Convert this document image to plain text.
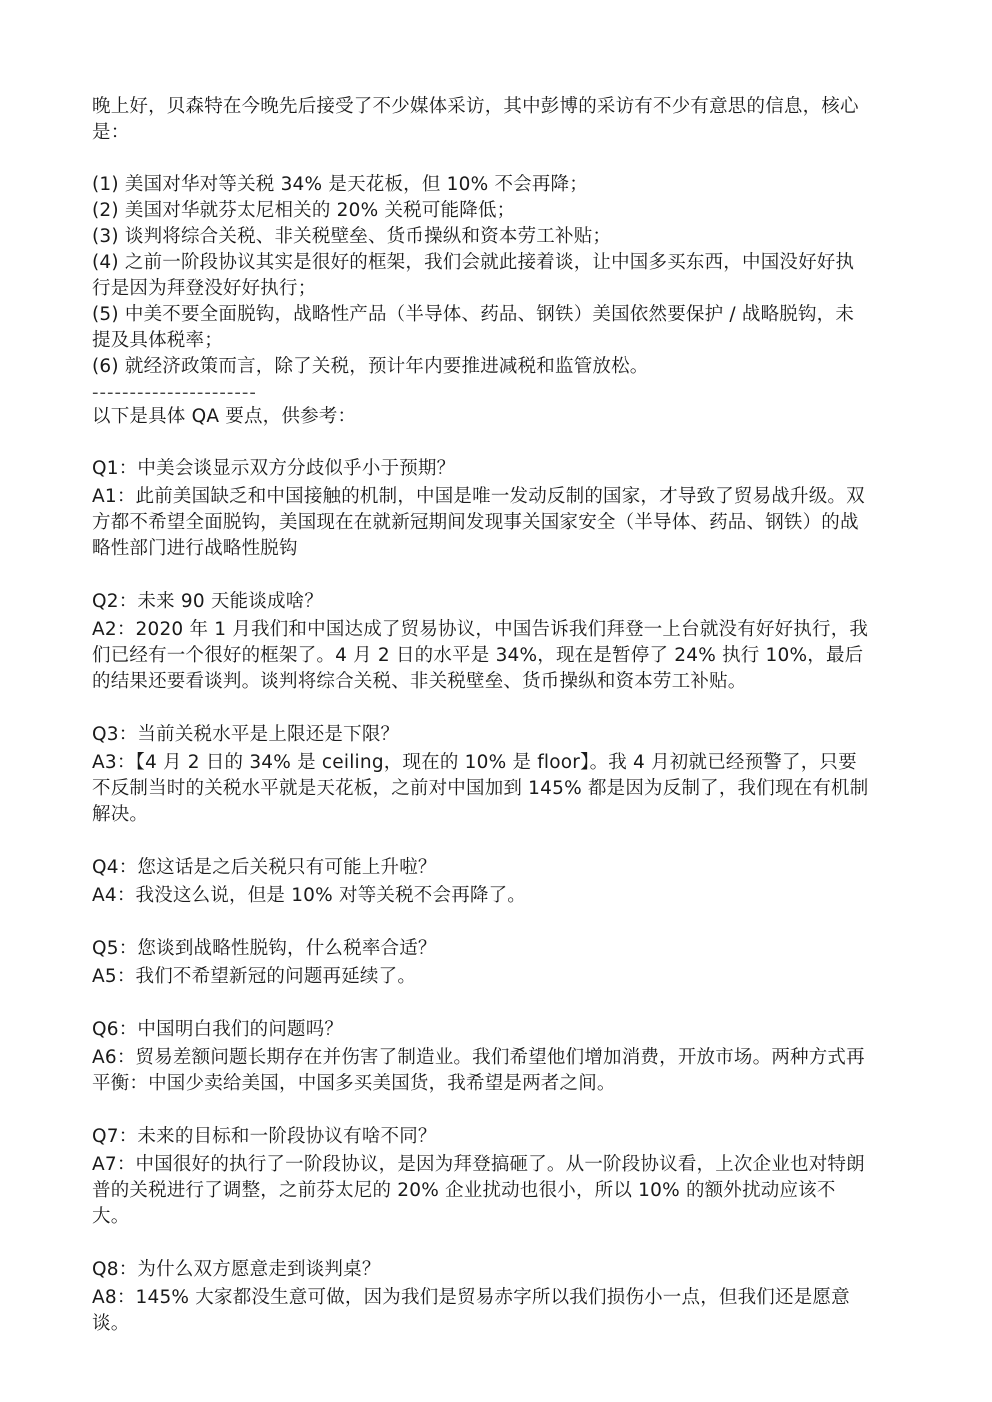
晚上好，贝森特在今晚先后接受了不少媒体采访，其中彭博的采访有不少有意思的信息，核心是：
(1) 美国对华对等关税 34% 是天花板，但 10% 不会再降；
(2) 美国对华就芬太尼相关的 20% 关税可能降低；
(3) 谈判将综合关税、非关税壁垒、货币操纵和资本劳工补贴；
(4) 之前一阶段协议其实是很好的框架，我们会就此接着谈，让中国多买东西，中国没好好执行是因为拜登没好好执行；
(5) 中美不要全面脱钩，战略性产品（半导体、药品、钢铁）美国依然要保护 / 战略脱钩，未提及具体税率；
(6) 就经济政策而言，除了关税，预计年内要推进减税和监管放松。
----------------------
以下是具体 QA 要点，供参考：
Q1：中美会谈显示双方分歧似乎小于预期？
A1：此前美国缺乏和中国接触的机制，中国是唯一发动反制的国家，才导致了贸易战升级。双方都不希望全面脱钩，美国现在在就新冠期间发现事关国家安全（半导体、药品、钢铁）的战略性部门进行战略性脱钩
Q2：未来 90 天能谈成啥？
A2：2020 年 1 月我们和中国达成了贸易协议，中国告诉我们拜登一上台就没有好好执行，我们已经有一个很好的框架了。4 月 2 日的水平是 34%，现在是暂停了 24% 执行 10%，最后的结果还要看谈判。谈判将综合关税、非关税壁垒、货币操纵和资本劳工补贴。
Q3：当前关税水平是上限还是下限？
A3：【4 月 2 日的 34% 是 ceiling，现在的 10% 是 floor】。我 4 月初就已经预警了，只要不反制当时的关税水平就是天花板，之前对中国加到 145% 都是因为反制了，我们现在有机制解决。
Q4：您这话是之后关税只有可能上升啦？
A4：我没这么说，但是 10% 对等关税不会再降了。
Q5：您谈到战略性脱钩，什么税率合适？
A5：我们不希望新冠的问题再延续了。
Q6：中国明白我们的问题吗？
A6：贸易差额问题长期存在并伤害了制造业。我们希望他们增加消费，开放市场。两种方式再平衡：中国少卖给美国，中国多买美国货，我希望是两者之间。
Q7：未来的目标和一阶段协议有啥不同？
A7：中国很好的执行了一阶段协议，是因为拜登搞砸了。从一阶段协议看，上次企业也对特朗普的关税进行了调整，之前芬太尼的 20% 企业扰动也很小，所以 10% 的额外扰动应该不大。
Q8：为什么双方愿意走到谈判桌？
A8：145% 大家都没生意可做，因为我们是贸易赤字所以我们损伤小一点，但我们还是愿意谈。
